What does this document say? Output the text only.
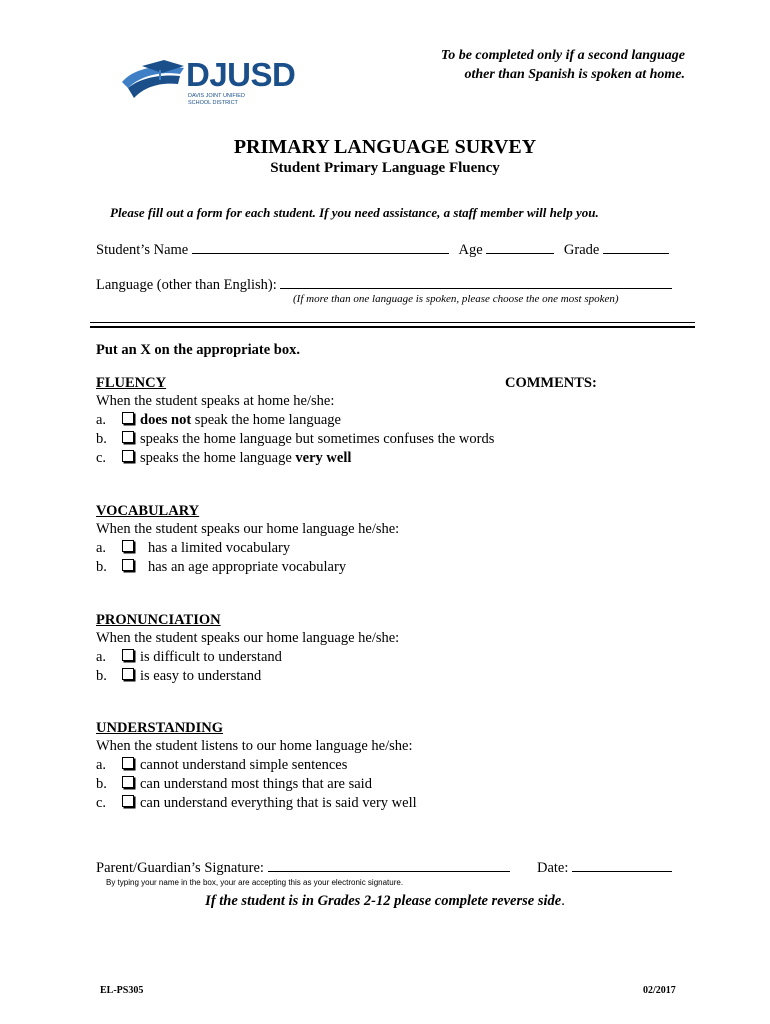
DJUSD
DAVIS JOINT UNIFIED
SCHOOL DISTRICT
To be completed only if a second language
other than Spanish is spoken at home.
PRIMARY LANGUAGE SURVEY
Student Primary Language Fluency
Please fill out a form for each student. If you need assistance, a staff member will help you.
Student’s Name	Age	Grade
Language (other than English):
(If more than one language is spoken, please choose the one most spoken)
Put an X on the appropriate box.
FLUENCY
When the student speaks at home he/she:
a. does not speak the home language
b. speaks the home language but sometimes confuses the words
c. speaks the home language very well
COMMENTS:
VOCABULARY
When the student speaks our home language he/she:
a.	has a limited vocabulary
b.	has an age appropriate vocabulary
PRONUNCIATION
When the student speaks our home language he/she:
a. is difficult to understand
b. is easy to understand
UNDERSTANDING
When the student listens to our home language he/she:
a. cannot understand simple sentences
b. can understand most things that are said
c. can understand everything that is said very well
Parent/Guardian’s Signature:	Date:
By typing your name in the box, your are accepting this as your electronic signature.
If the student is in Grades 2-12 please complete reverse side.
EL-PS305	02/2017
